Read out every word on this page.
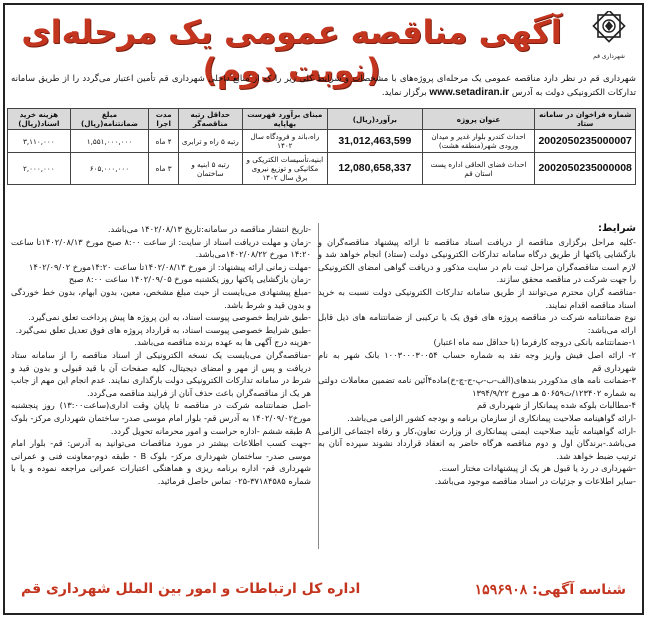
شهرداری قم
آگهی مناقصه عمومی یک مرحله‌ای (نوبت دوم)
شهرداری قم در نظر دارد مناقصه عمومی یک مرحله‌ای پروژه‌های با مشخصات و شرایط کلی زیر را که از منابع داخلی شهرداری قم تأمین اعتبار می‌گردد را از طریق سامانه تدارکات الکترونیکی دولت به آدرس www.setadiran.ir برگزار نماید.
شماره فراخوان در سامانه ستاد	عنوان پروژه	برآورد(ریال)	مبنای برآورد فهرست بهاپایه	حداقل رتبه مناقصه‌گر	مدت اجرا	مبلغ ضمانتنامه(ریال)	هزینه خرید اسناد(ریال)
2002050235000007	احداث کندرو بلوار غدیر و میدان ورودی شهر(منطقه هشت)	31,012,463,599	راه،باند و فرودگاه سال ۱۴۰۲	رتبه ۵ راه و ترابری	۴ ماه	۱,۵۵۱,۰۰۰,۰۰۰	۳,۱۱۰,۰۰۰
2002050235000008	احداث فضای الحاقی اداره پست استان قم	12,080,658,337	ابنیه،تأسیسات الکتریکی و مکانیکی و توزیع نیروی برق سال ۱۴۰۲	رتبه ۵ ابنیه و ساختمان	۳ ماه	۶۰۵,۰۰۰,۰۰۰	۲,۰۰۰,۰۰۰

شرایط:

-کلیه مراحل برگزاری مناقصه از دریافت اسناد مناقصه تا ارائه پیشنهاد مناقصه‌گران و بازگشایی پاکتها از طریق درگاه سامانه تدارکات الکترونیکی دولت (ستاد) انجام خواهد شد و لازم است مناقصه‌گران مراحل ثبت نام در سایت مذکور و دریافت گواهی امضای الکترونیکی را جهت شرکت در مناقصه محقق سازند.

-مناقصه گران محترم می‌توانند از طریق سامانه تدارکات الکترونیکی دولت نسبت به خرید اسناد مناقصه اقدام نمایند.

نوع ضمانتنامه شرکت در مناقصه پروژه های فوق یک یا ترکیبی از ضمانتنامه های ذیل قابل ارائه می‌باشد:

۱-ضمانتنامه بانکی دروجه کارفرما (با حداقل سه ماه اعتبار)

۲- ارائه اصل فیش واریز وجه نقد به شماره حساب ۱۰۰۳۰۰۰۳۰۰۵۴ بانک شهر به نام شهرداری قم

۳-ضمانت نامه های مذکوردر بندهای(الف-ب-پ-ج-چ-خ)ماده۴آئین نامه تضمین معاملات دولتی به شماره ۱۲۳۴۰۲/ت۵۰۶۵۹ هـ مورخ ۱۳۹۴/۹/۲۲

۴-مطالبات بلوکه شده پیمانکار از شهرداری قم

-ارائه گواهینامه صلاحیت پیمانکاری از سازمان برنامه و بودجه کشور الزامی می‌باشد.

-ارائه گواهینامه تأیید صلاحیت ایمنی پیمانکاری از وزارت تعاون،کار و رفاه اجتماعی الزامی می‌باشد.-برندگان اول و دوم مناقصه هرگاه حاضر به انعقاد قرارداد نشوند سپرده آنان به ترتیب ضبط خواهد شد.

-شهرداری در رد یا قبول هر یک از پیشنهادات مختار است.

-سایر اطلاعات و جزئیات در اسناد مناقصه موجود می‌باشد.

-تاریخ انتشار مناقصه در سامانه:تاریخ ۱۴۰۲/۰۸/۱۳ می‌باشد.

-زمان و مهلت دریافت اسناد از سایت: از ساعت ۸:۰۰ صبح مورخ ۱۴۰۲/۰۸/۱۳تا ساعت ۱۴:۲۰ مورخ ۱۴۰۲/۰۸/۲۲می‌باشد.

-مهلت زمانی ارائه پیشنهاد: از مورخ ۱۴۰۲/۰۸/۱۳تا ساعت ۱۴:۲۰مورخ ۱۴۰۲/۰۹/۰۲

-زمان بازگشایی پاکتها روز یکشنبه مورخ ۱۴۰۲/۰۹/۰۵ ساعت ۸:۰۰ صبح

-مبلغ پیشنهادی می‌بایست از حیث مبلغ مشخص، معین، بدون ابهام، بدون خط خوردگی و بدون قید و شرط باشد.

-طبق شرایط خصوصی پیوست اسناد، به این پروژه ها پیش پرداخت تعلق نمی‌گیرد.

-طبق شرایط خصوصی پیوست اسناد، به قرارداد پروژه های فوق تعدیل تعلق نمی‌گیرد.

-هزینه درج آگهی ها به عهده برنده مناقصه می‌باشد.

-مناقصه‌گران می‌بایست یک نسخه الکترونیکی از اسناد مناقصه را از سامانه ستاد دریافت و پس از مهر و امضای دیجیتال، کلیه صفحات آن با قید قبولی و بدون قید و شرط در سامانه تدارکات الکترونیکی دولت بارگذاری نمایند. عدم انجام این مهم از جانب هر یک از مناقصه‌گران باعث حذف آنان از فرایند مناقصه می‌گردد.

-اصل ضمانتنامه شرکت در مناقصه تا پایان وقت اداری(ساعت۱۳:۰۰) روز پنجشنبه مورخ۱۴۰۲/۰۹/۰۲ به آدرس قم- بلوار امام موسی صدر- ساختمان شهرداری مرکز- بلوک A طبقه ششم -اداره حراست و امور محرمانه تحویل گردد.

-جهت کسب اطلاعات بیشتر در مورد مناقصات می‌توانید به آدرس: قم- بلوار امام موسی صدر- ساختمان شهرداری مرکز- بلوک B - طبقه دوم-معاونت فنی و عمرانی شهرداری قم- اداره برنامه ریزی و هماهنگی اعتبارات عمرانی مراجعه نموده و یا با شماره ۳۷۱۸۴۵۸۵-۰۲۵ تماس حاصل فرمائید.

شناسه آگهی: ۱۵۹۶۹۰۸
اداره کل ارتباطات و امور بین الملل شهرداری قم
